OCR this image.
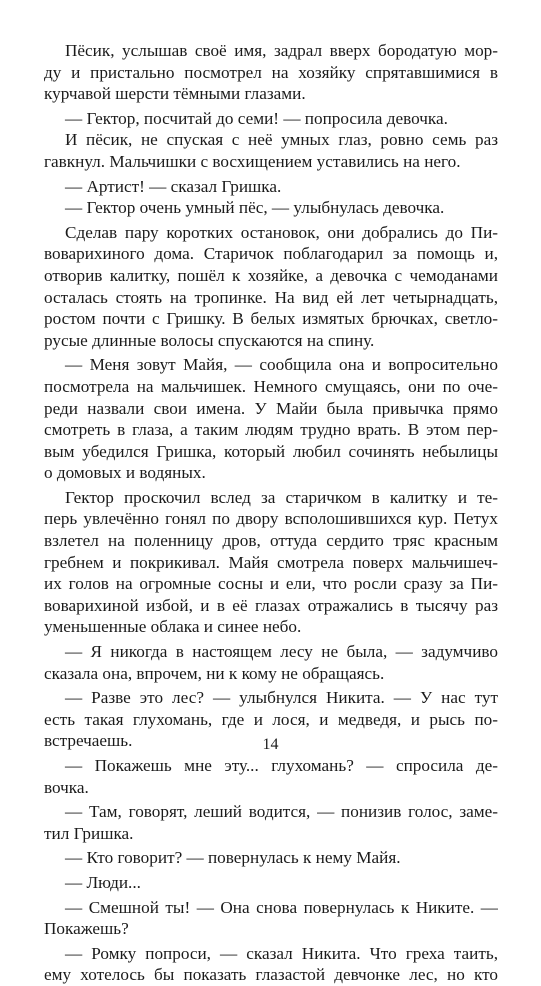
Пёсик, услышав своё имя, задрал вверх бородатую мор-
ду и пристально посмотрел на хозяйку спрятавшимися в
курчавой шерсти тёмными глазами.
— Гектор, посчитай до семи! — попросила девочка.
И пёсик, не спуская с неё умных глаз, ровно семь раз
гавкнул. Мальчишки с восхищением уставились на него.
— Артист! — сказал Гришка.
— Гектор очень умный пёс, — улыбнулась девочка.
Сделав пару коротких остановок, они добрались до Пи-
воварихиного дома. Старичок поблагодарил за помощь и,
отворив калитку, пошёл к хозяйке, а девочка с чемоданами
осталась стоять на тропинке. На вид ей лет четырнадцать,
ростом почти с Гришку. В белых измятых брючках, светло-
русые длинные волосы спускаются на спину.
— Меня зовут Майя, — сообщила она и вопросительно
посмотрела на мальчишек. Немного смущаясь, они по оче-
реди назвали свои имена. У Майи была привычка прямо
смотреть в глаза, а таким людям трудно врать. В этом пер-
вым убедился Гришка, который любил сочинять небылицы
о домовых и водяных.
Гектор проскочил вслед за старичком в калитку и те-
перь увлечённо гонял по двору всполошившихся кур. Петух
взлетел на поленницу дров, оттуда сердито тряс красным
гребнем и покрикивал. Майя смотрела поверх мальчишеч-
их голов на огромные сосны и ели, что росли сразу за Пи-
воварихиной избой, и в её глазах отражались в тысячу раз
уменьшенные облака и синее небо.
— Я никогда в настоящем лесу не была, — задумчиво
сказала она, впрочем, ни к кому не обращаясь.
— Разве это лес? — улыбнулся Никита. — У нас тут
есть такая глухомань, где и лося, и медведя, и рысь по-
встречаешь.
— Покажешь мне эту... глухомань? — спросила де-
вочка.
— Там, говорят, леший водится, — понизив голос, заме-
тил Гришка.
— Кто говорит? — повернулась к нему Майя.
— Люди...
— Смешной ты! — Она снова повернулась к Никите. —
Покажешь?
— Ромку попроси, — сказал Никита. Что греха таить,
ему хотелось бы показать глазастой девчонке лес, но кто
14
